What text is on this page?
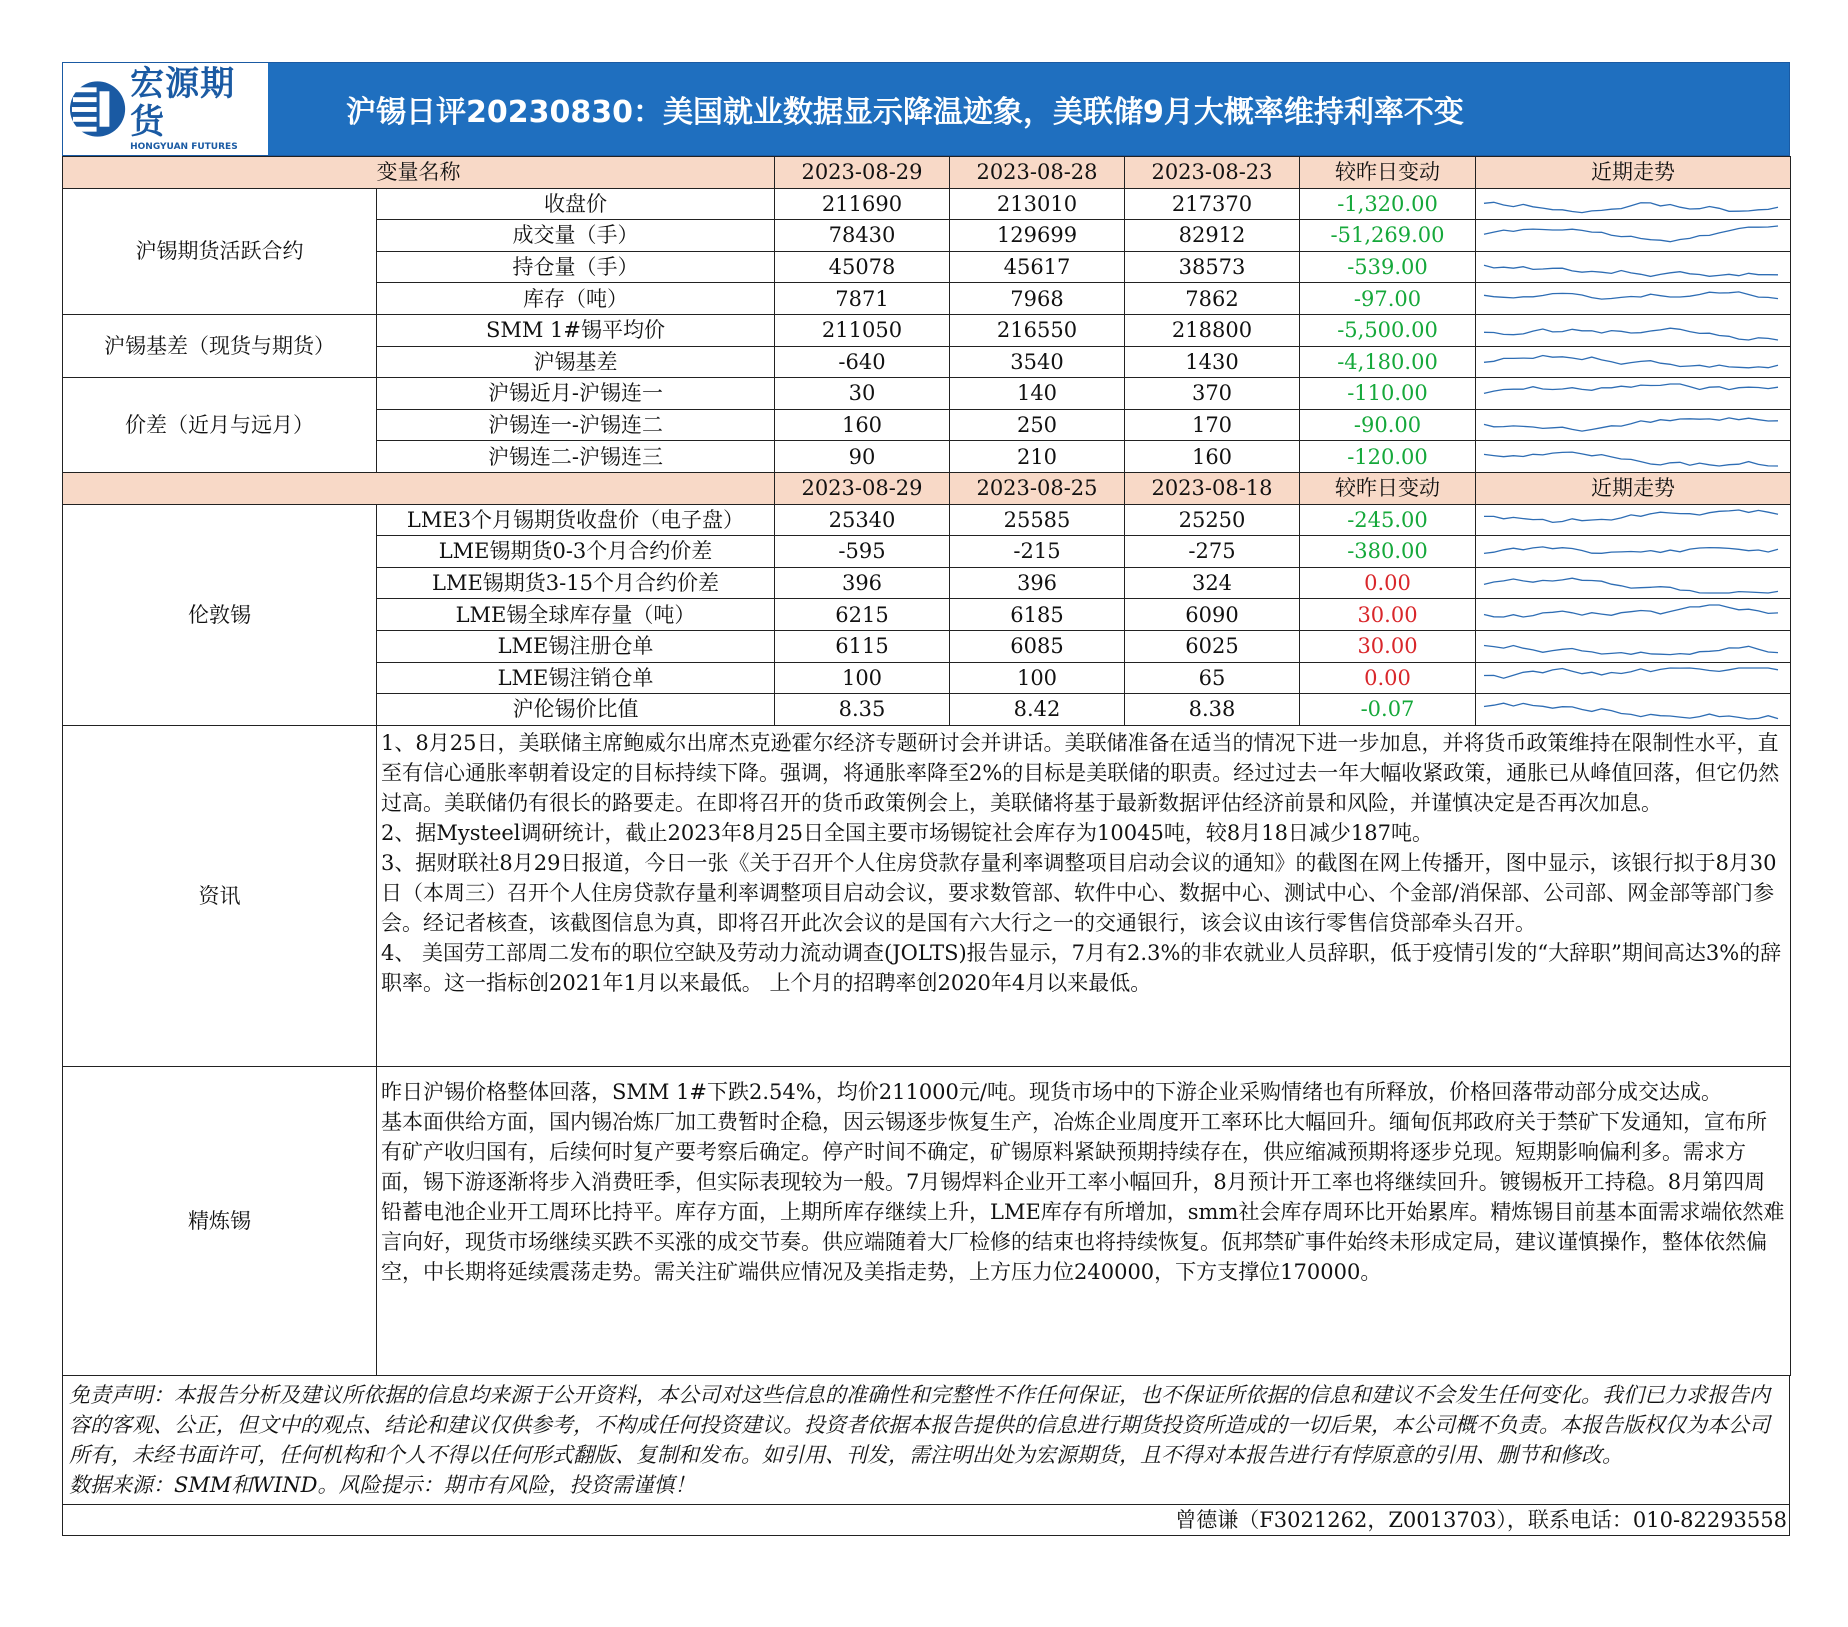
宏源期货
HONGYUAN FUTURES
沪锡日评20230830：美国就业数据显示降温迹象，美联储9月大概率维持利率不变
变量名称		2023-08-29	2023-08-28	2023-08-23	较昨日变动	近期走势
沪锡期货活跃合约	收盘价	211690	213010	217370	-1,320.00	

	成交量（手）	78430	129699	82912	-51,269.00	

	持仓量（手）	45078	45617	38573	-539.00	

	库存（吨）	7871	7968	7862	-97.00	

沪锡基差（现货与期货）	SMM 1#锡平均价	211050	216550	218800	-5,500.00	

	沪锡基差	-640	3540	1430	-4,180.00	

价差（近月与远月）	沪锡近月-沪锡连一	30	140	370	-110.00	

	沪锡连一-沪锡连二	160	250	170	-90.00	

	沪锡连二-沪锡连三	90	210	160	-120.00	

		2023-08-29	2023-08-25	2023-08-18	较昨日变动	近期走势
伦敦锡	LME3个月锡期货收盘价（电子盘）	25340	25585	25250	-245.00	

	LME锡期货0-3个月合约价差	-595	-215	-275	-380.00	

	LME锡期货3-15个月合约价差	396	396	324	0.00	

	LME锡全球库存量（吨）	6215	6185	6090	30.00	

	LME锡注册仓单	6115	6085	6025	30.00	

	LME锡注销仓单	100	100	65	0.00	

	沪伦锡价比值	8.35	8.42	8.38	-0.07	

资讯	1、8月25日，美联储主席鲍威尔出席杰克逊霍尔经济专题研讨会并讲话。美联储准备在适当的情况下进一步加息，并将货币政策维持在限制性水平，直至有信心通胀率朝着设定的目标持续下降。强调，将通胀率降至2%的目标是美联储的职责。经过过去一年大幅收紧政策，通胀已从峰值回落，但它仍然过高。美联储仍有很长的路要走。在即将召开的货币政策例会上，美联储将基于最新数据评估经济前景和风险，并谨慎决定是否再次加息。
2、据Mysteel调研统计，截止2023年8月25日全国主要市场锡锭社会库存为10045吨，较8月18日减少187吨。
3、据财联社8月29日报道，今日一张《关于召开个人住房贷款存量利率调整项目启动会议的通知》的截图在网上传播开，图中显示，该银行拟于8月30日（本周三）召开个人住房贷款存量利率调整项目启动会议，要求数管部、软件中心、数据中心、测试中心、个金部/消保部、公司部、网金部等部门参会。经记者核查，该截图信息为真，即将召开此次会议的是国有六大行之一的交通银行，该会议由该行零售信贷部牵头召开。
4、 美国劳工部周二发布的职位空缺及劳动力流动调查(JOLTS)报告显示，7月有2.3%的非农就业人员辞职，低于疫情引发的“大辞职”期间高达3%的辞职率。这一指标创2021年1月以来最低。 上个月的招聘率创2020年4月以来最低。					

精炼锡	昨日沪锡价格整体回落，SMM 1#下跌2.54%，均价211000元/吨。现货市场中的下游企业采购情绪也有所释放，价格回落带动部分成交达成。
基本面供给方面，国内锡冶炼厂加工费暂时企稳，因云锡逐步恢复生产，冶炼企业周度开工率环比大幅回升。缅甸佤邦政府关于禁矿下发通知，宣布所有矿产收归国有，后续何时复产要考察后确定。停产时间不确定，矿锡原料紧缺预期持续存在，供应缩减预期将逐步兑现。短期影响偏利多。需求方面，锡下游逐渐将步入消费旺季，但实际表现较为一般。7月锡焊料企业开工率小幅回升，8月预计开工率也将继续回升。镀锡板开工持稳。8月第四周铅蓄电池企业开工周环比持平。库存方面，上期所库存继续上升，LME库存有所增加，smm社会库存周环比开始累库。精炼锡目前基本面需求端依然难言向好，现货市场继续买跌不买涨的成交节奏。供应端随着大厂检修的结束也将持续恢复。佤邦禁矿事件始终未形成定局，建议谨慎操作，整体依然偏空，中长期将延续震荡走势。需关注矿端供应情况及美指走势，上方压力位240000，下方支撑位170000。					
免责声明：本报告分析及建议所依据的信息均来源于公开资料，本公司对这些信息的准确性和完整性不作任何保证，也不保证所依据的信息和建议不会发生任何变化。我们已力求报告内容的客观、公正，但文中的观点、结论和建议仅供参考，不构成任何投资建议。投资者依据本报告提供的信息进行期货投资所造成的一切后果，本公司概不负责。本报告版权仅为本公司所有，未经书面许可，任何机构和个人不得以任何形式翻版、复制和发布。如引用、刊发，需注明出处为宏源期货，且不得对本报告进行有悖原意的引用、删节和修改。
数据来源：SMM和WIND。风险提示：期市有风险，投资需谨慎！
曾德谦（F3021262，Z0013703），联系电话：010-82293558
